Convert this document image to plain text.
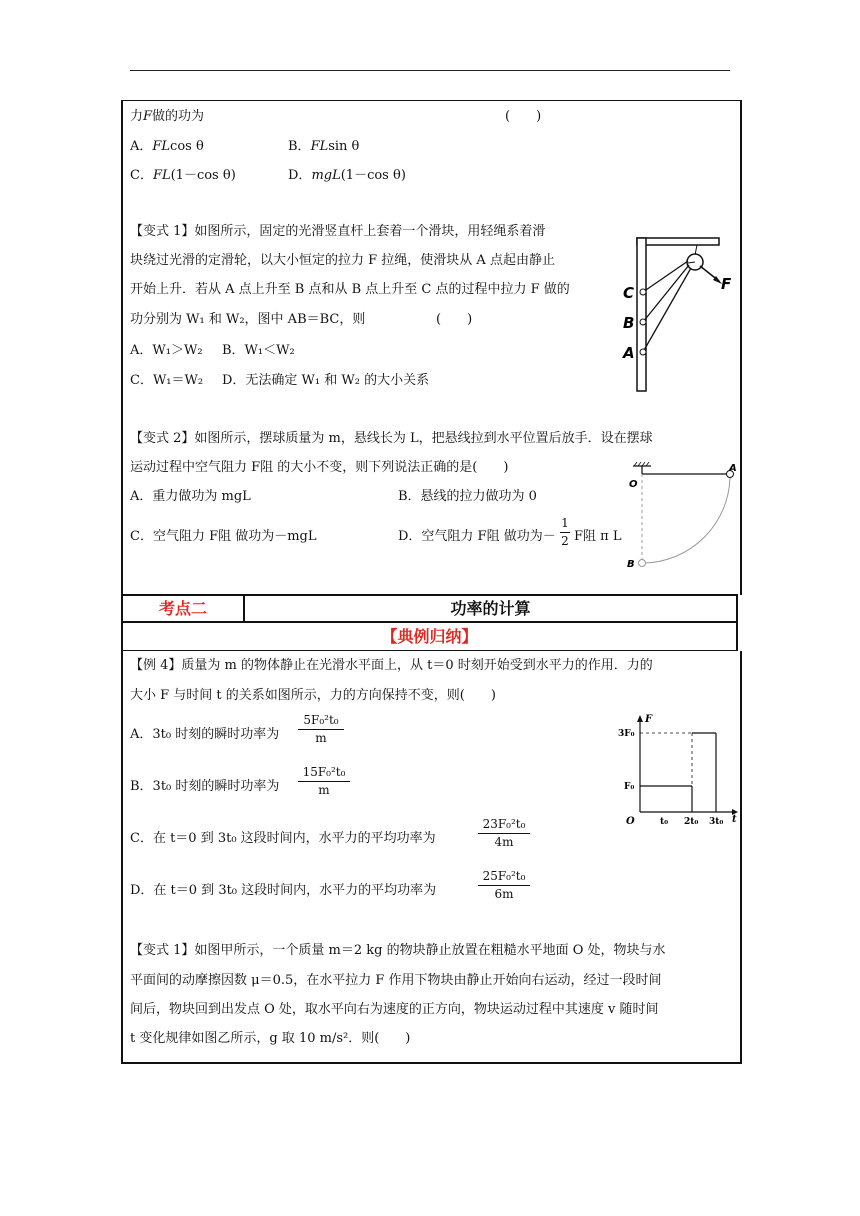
力F做的功为	(　　)
A．FLcos θ	B．FLsin θ
C．FL(1－cos θ)	D．mgL(1－cos θ)
【变式 1】如图所示，固定的光滑竖直杆上套着一个滑块，用轻绳系着滑
块绕过光滑的定滑轮，以大小恒定的拉力 F 拉绳，使滑块从 A 点起由静止
开始上升．若从 A 点上升至 B 点和从 B 点上升至 C 点的过程中拉力 F 做的
功分别为 W₁ 和 W₂，图中 AB＝BC，则	(　　)
A．W₁＞W₂ B．W₁＜W₂
C．W₁＝W₂ D．无法确定 W₁ 和 W₂ 的大小关系
C
B
A
F
【变式 2】如图所示，摆球质量为 m，悬线长为 L，把悬线拉到水平位置后放手．设在摆球
运动过程中空气阻力 F阻 的大小不变，则下列说法正确的是(　　)
A．重力做功为 mgL	B．悬线的拉力做功为 0
C．空气阻力 F阻 做功为－mgL	D．空气阻力 F阻 做功为－
1
2 F阻 π L
O
A
B
考点二	功率的计算
【典例归纳】
【例 4】质量为 m 的物体静止在光滑水平面上，从 t＝0 时刻开始受到水平力的作用．力的
大小 F 与时间 t 的关系如图所示，力的方向保持不变，则(　　)
A．3t₀ 时刻的瞬时功率为
5F₀²t₀
m
B．3t₀ 时刻的瞬时功率为
15F₀²t₀
m
C．在 t＝0 到 3t₀ 这段时间内，水平力的平均功率为
23F₀²t₀
4m
D．在 t＝0 到 3t₀ 这段时间内，水平力的平均功率为
25F₀²t₀
6m
F
t
O
3F₀
F₀
t₀ 2t₀ 3t₀
【变式 1】如图甲所示，一个质量 m＝2 kg 的物块静止放置在粗糙水平地面 O 处，物块与水
平面间的动摩擦因数 μ＝0.5，在水平拉力 F 作用下物块由静止开始向右运动，经过一段时间
间后，物块回到出发点 O 处，取水平向右为速度的正方向，物块运动过程中其速度 v 随时间
t 变化规律如图乙所示，g 取 10 m/s²．则(　　)
